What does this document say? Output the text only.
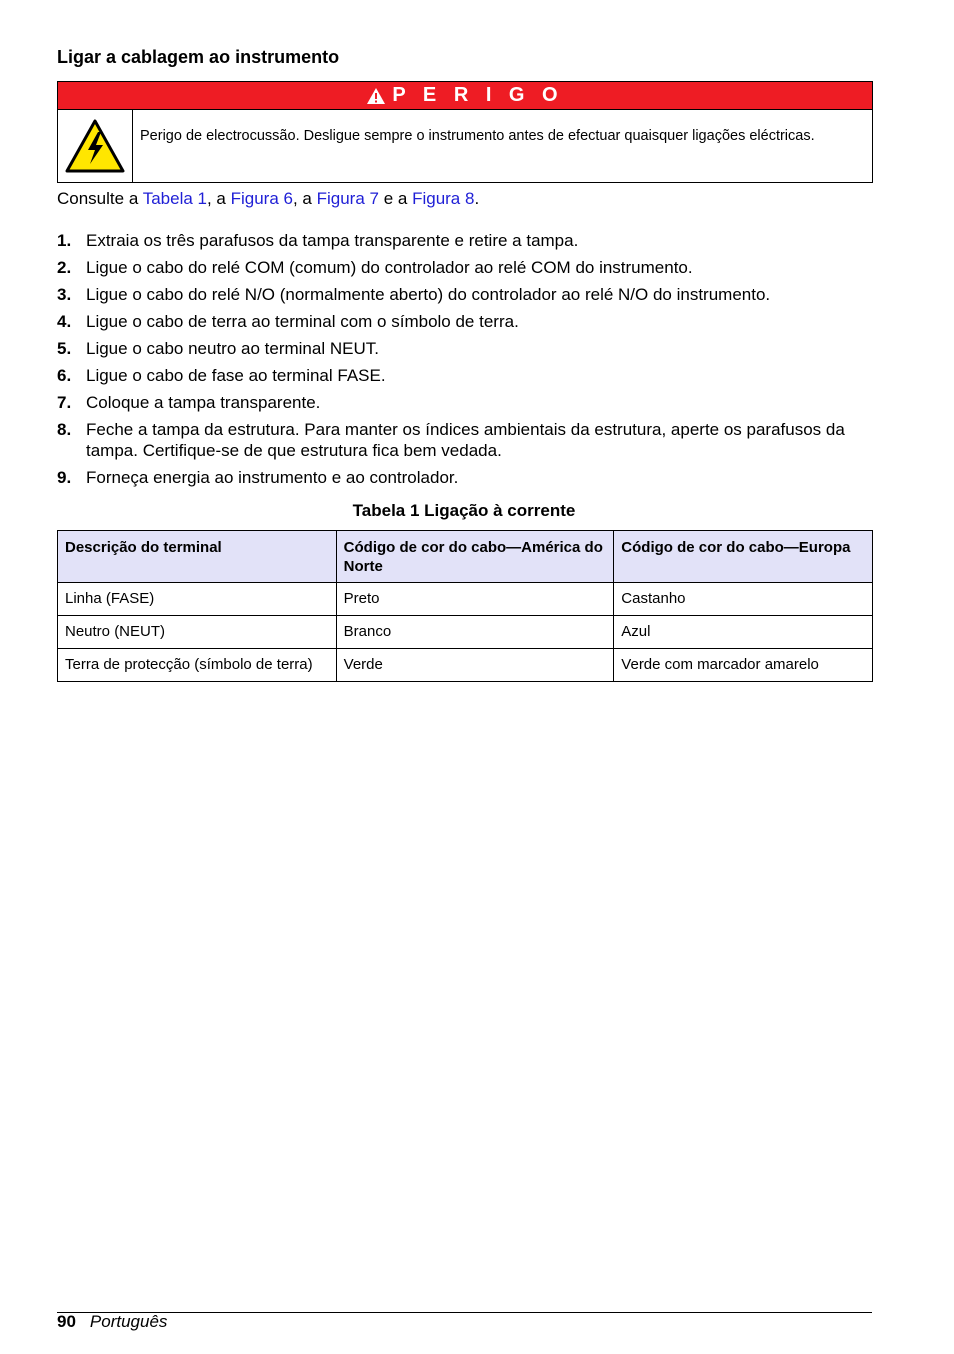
Ligar a cablagem ao instrumento
P E R I G O
Perigo de electrocussão. Desligue sempre o instrumento antes de efectuar quaisquer ligações eléctricas.
Consulte a Tabela 1, a Figura 6, a Figura 7 e a Figura 8.
1. Extraia os três parafusos da tampa transparente e retire a tampa.
2. Ligue o cabo do relé COM (comum) do controlador ao relé COM do instrumento.
3. Ligue o cabo do relé N/O (normalmente aberto) do controlador ao relé N/O do instrumento.
4. Ligue o cabo de terra ao terminal com o símbolo de terra.
5. Ligue o cabo neutro ao terminal NEUT.
6. Ligue o cabo de fase ao terminal FASE.
7. Coloque a tampa transparente.
8. Feche a tampa da estrutura. Para manter os índices ambientais da estrutura, aperte os parafusos da tampa. Certifique-se de que estrutura fica bem vedada.
9. Forneça energia ao instrumento e ao controlador.
Tabela 1 Ligação à corrente
Descrição do terminal	Código de cor do cabo—América do Norte	Código de cor do cabo—Europa
Linha (FASE)	Preto	Castanho
Neutro (NEUT)	Branco	Azul
Terra de protecção (símbolo de terra)	Verde	Verde com marcador amarelo
90 Português
